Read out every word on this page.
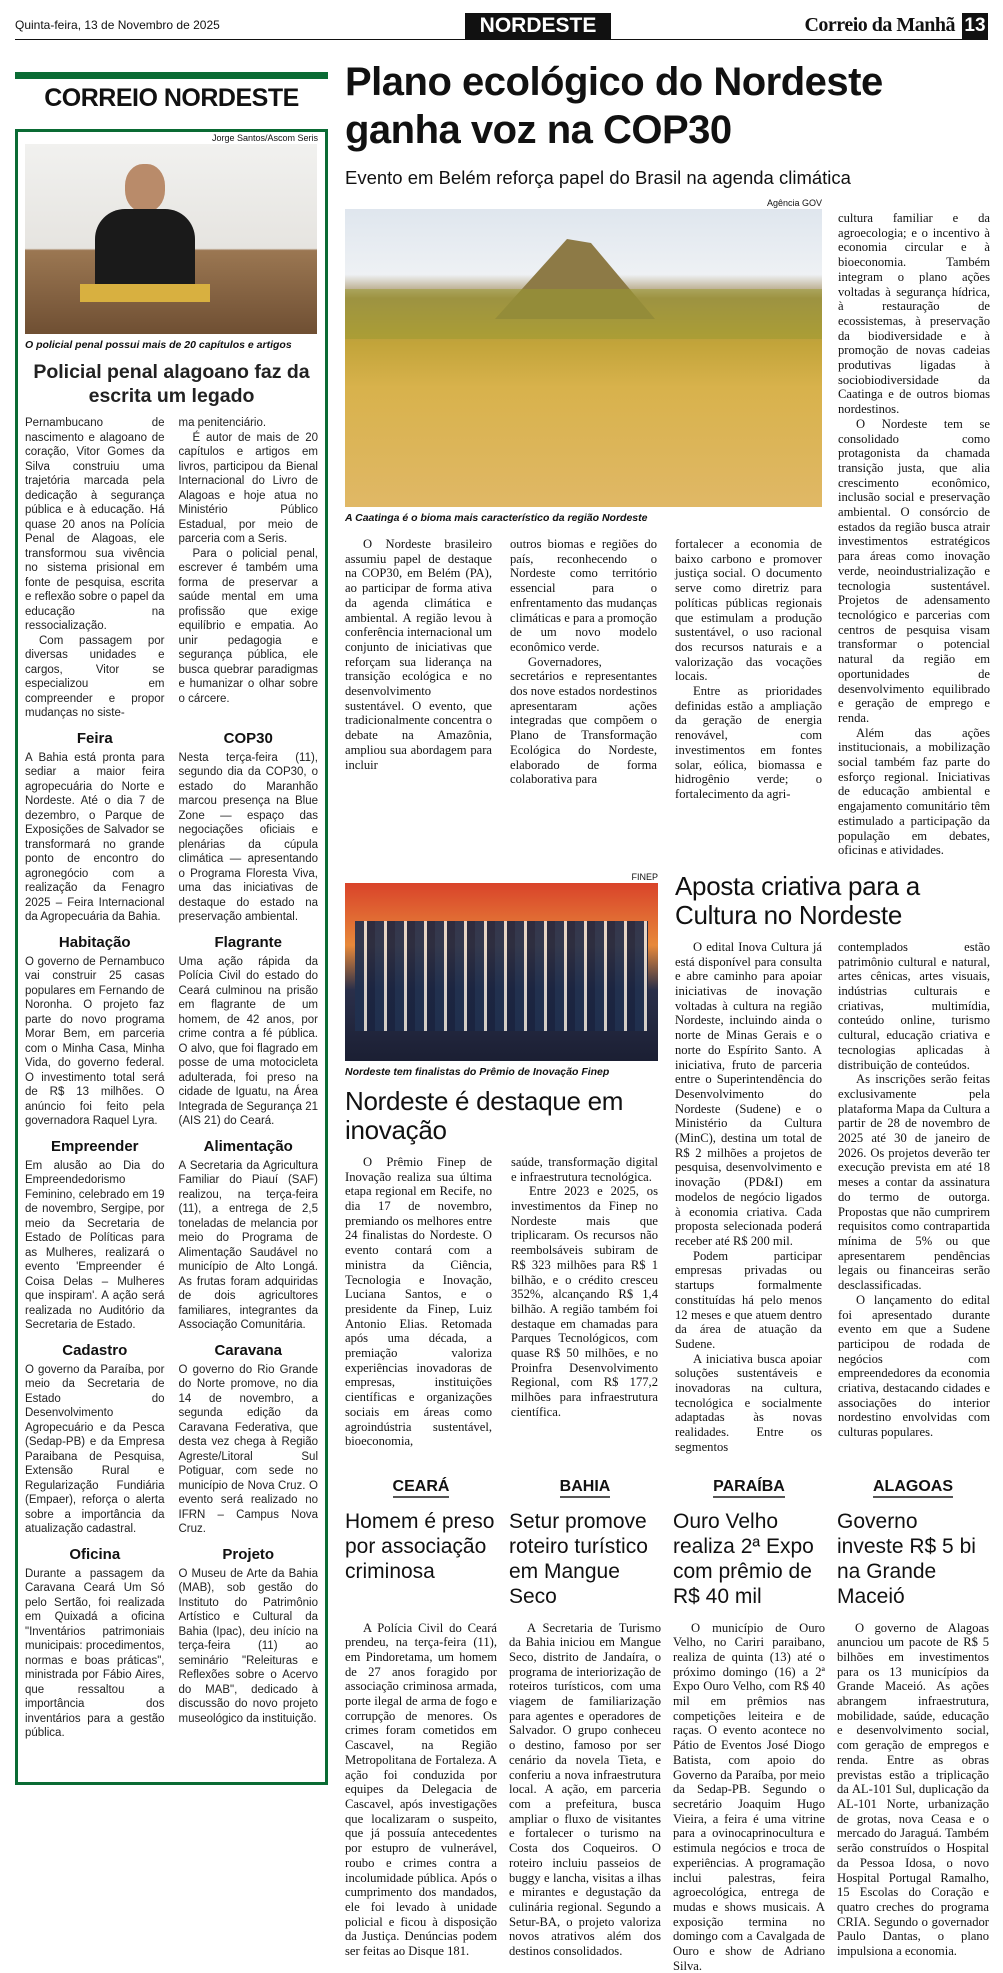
Quinta-feira, 13 de Novembro de 2025	NORDESTE	Correio da Manhã 13
CORREIO NORDESTE
Jorge Santos/Ascom Seris
O policial penal possui mais de 20 capítulos e artigos
Policial penal alagoano faz da escrita um legado

Pernambucano de nascimento e alagoano de coração, Vitor Gomes da Silva construiu uma trajetória marcada pela dedicação à segurança pública e à educação. Há quase 20 anos na Polícia Penal de Alagoas, ele transformou sua vivência no sistema prisional em fonte de pesquisa, escrita e reflexão sobre o papel da educação na ressocialização.

Com passagem por diversas unidades e cargos, Vitor se especializou em compreender e propor mudanças no siste-

ma penitenciário.

É autor de mais de 20 capítulos e artigos em livros, participou da Bienal Internacional do Livro de Alagoas e hoje atua no Ministério Público Estadual, por meio de parceria com a Seris.

Para o policial penal, escrever é também uma forma de preservar a saúde mental em uma profissão que exige equilíbrio e empatia. Ao unir pedagogia e segurança pública, ele busca quebrar paradigmas e humanizar o olhar sobre o cárcere.

Feira
A Bahia está pronta para sediar a maior feira agropecuária do Norte e Nordeste. Até o dia 7 de dezembro, o Parque de Exposições de Salvador se transformará no grande ponto de encontro do agronegócio com a realização da Fenagro 2025 – Feira Internacional da Agropecuária da Bahia.
COP30
Nesta terça-feira (11), segundo dia da COP30, o estado do Maranhão marcou presença na Blue Zone — espaço das negociações oficiais e plenárias da cúpula climática — apresentando o Programa Floresta Viva, uma das iniciativas de destaque do estado na preservação ambiental.
Habitação
O governo de Pernambuco vai construir 25 casas populares em Fernando de Noronha. O projeto faz parte do novo programa Morar Bem, em parceria com o Minha Casa, Minha Vida, do governo federal. O investimento total será de R$ 13 milhões. O anúncio foi feito pela governadora Raquel Lyra.
Flagrante
Uma ação rápida da Polícia Civil do estado do Ceará culminou na prisão em flagrante de um homem, de 42 anos, por crime contra a fé pública. O alvo, que foi flagrado em posse de uma motocicleta adulterada, foi preso na cidade de Iguatu, na Área Integrada de Segurança 21 (AIS 21) do Ceará.
Empreender
Em alusão ao Dia do Empreendedorismo Feminino, celebrado em 19 de novembro, Sergipe, por meio da Secretaria de Estado de Políticas para as Mulheres, realizará o evento 'Empreender é Coisa Delas – Mulheres que inspiram'. A ação será realizada no Auditório da Secretaria de Estado.
Alimentação
A Secretaria da Agricultura Familiar do Piauí (SAF) realizou, na terça-feira (11), a entrega de 2,5 toneladas de melancia por meio do Programa de Alimentação Saudável no município de Alto Longá. As frutas foram adquiridas de dois agricultores familiares, integrantes da Associação Comunitária.
Cadastro
O governo da Paraíba, por meio da Secretaria de Estado do Desenvolvimento Agropecuário e da Pesca (Sedap-PB) e da Empresa Paraibana de Pesquisa, Extensão Rural e Regularização Fundiária (Empaer), reforça o alerta sobre a importância da atualização cadastral.
Caravana
O governo do Rio Grande do Norte promove, no dia 14 de novembro, a segunda edição da Caravana Federativa, que desta vez chega à Região Agreste/Litoral Sul Potiguar, com sede no município de Nova Cruz. O evento será realizado no IFRN – Campus Nova Cruz.
Oficina
Durante a passagem da Caravana Ceará Um Só pelo Sertão, foi realizada em Quixadá a oficina "Inventários patrimoniais municipais: procedimentos, normas e boas práticas", ministrada por Fábio Aires, que ressaltou a importância dos inventários para a gestão pública.
Projeto
O Museu de Arte da Bahia (MAB), sob gestão do Instituto do Patrimônio Artístico e Cultural da Bahia (Ipac), deu início na terça-feira (11) ao seminário "Releituras e Reflexões sobre o Acervo do MAB", dedicado à discussão do novo projeto museológico da instituição.
Plano ecológico do Nordeste ganha voz na COP30
Evento em Belém reforça papel do Brasil na agenda climática
Agência GOV
A Caatinga é o bioma mais característico da região Nordeste

O Nordeste brasileiro assumiu papel de destaque na COP30, em Belém (PA), ao participar de forma ativa da agenda climática e ambiental. A região levou à conferência internacional um conjunto de iniciativas que reforçam sua liderança na transição ecológica e no desenvolvimento sustentável. O evento, que tradicionalmente concentra o debate na Amazônia, ampliou sua abordagem para incluir

outros biomas e regiões do país, reconhecendo o Nordeste como território essencial para o enfrentamento das mudanças climáticas e para a promoção de um novo modelo econômico verde.

Governadores, secretários e representantes dos nove estados nordestinos apresentaram ações integradas que compõem o Plano de Transformação Ecológica do Nordeste, elaborado de forma colaborativa para

fortalecer a economia de baixo carbono e promover justiça social. O documento serve como diretriz para políticas públicas regionais que estimulam a produção sustentável, o uso racional dos recursos naturais e a valorização das vocações locais.

Entre as prioridades definidas estão a ampliação da geração de energia renovável, com investimentos em fontes solar, eólica, biomassa e hidrogênio verde; o fortalecimento da agri-

cultura familiar e da agroecologia; e o incentivo à economia circular e à bioeconomia. Também integram o plano ações voltadas à segurança hídrica, à restauração de ecossistemas, à preservação da biodiversidade e à promoção de novas cadeias produtivas ligadas à sociobiodiversidade da Caatinga e de outros biomas nordestinos.

O Nordeste tem se consolidado como protagonista da chamada transição justa, que alia crescimento econômico, inclusão social e preservação ambiental. O consórcio de estados da região busca atrair investimentos estratégicos para áreas como inovação verde, neoindustrialização e tecnologia sustentável. Projetos de adensamento tecnológico e parcerias com centros de pesquisa visam transformar o potencial natural da região em oportunidades de desenvolvimento equilibrado e geração de emprego e renda.

Além das ações institucionais, a mobilização social também faz parte do esforço regional. Iniciativas de educação ambiental e engajamento comunitário têm estimulado a participação da população em debates, oficinas e atividades.

FINEP
Nordeste tem finalistas do Prêmio de Inovação Finep
Nordeste é destaque em inovação

O Prêmio Finep de Inovação realiza sua última etapa regional em Recife, no dia 17 de novembro, premiando os melhores entre 24 finalistas do Nordeste. O evento contará com a ministra da Ciência, Tecnologia e Inovação, Luciana Santos, e o presidente da Finep, Luiz Antonio Elias. Retomada após uma década, a premiação valoriza experiências inovadoras de empresas, instituições científicas e organizações sociais em áreas como agroindústria sustentável, bioeconomia,

saúde, transformação digital e infraestrutura tecnológica.

Entre 2023 e 2025, os investimentos da Finep no Nordeste mais que triplicaram. Os recursos não reembolsáveis subiram de R$ 323 milhões para R$ 1 bilhão, e o crédito cresceu 352%, alcançando R$ 1,4 bilhão. A região também foi destaque em chamadas para Parques Tecnológicos, com quase R$ 50 milhões, e no Proinfra Desenvolvimento Regional, com R$ 177,2 milhões para infraestrutura científica.

Aposta criativa para a Cultura no Nordeste

O edital Inova Cultura já está disponível para consulta e abre caminho para apoiar iniciativas de inovação voltadas à cultura na região Nordeste, incluindo ainda o norte de Minas Gerais e o norte do Espírito Santo. A iniciativa, fruto de parceria entre o Superintendência do Desenvolvimento do Nordeste (Sudene) e o Ministério da Cultura (MinC), destina um total de R$ 2 milhões a projetos de pesquisa, desenvolvimento e inovação (PD&I) em modelos de negócio ligados à economia criativa. Cada proposta selecionada poderá receber até R$ 200 mil.

Podem participar empresas privadas ou startups formalmente constituídas há pelo menos 12 meses e que atuem dentro da área de atuação da Sudene.

A iniciativa busca apoiar soluções sustentáveis e inovadoras na cultura, tecnológica e socialmente adaptadas às novas realidades. Entre os segmentos

contemplados estão patrimônio cultural e natural, artes cênicas, artes visuais, indústrias culturais e criativas, multimídia, conteúdo online, turismo cultural, educação criativa e tecnologias aplicadas à distribuição de conteúdos.

As inscrições serão feitas exclusivamente pela plataforma Mapa da Cultura a partir de 28 de novembro de 2025 até 30 de janeiro de 2026. Os projetos deverão ter execução prevista em até 18 meses a contar da assinatura do termo de outorga. Propostas que não cumprirem requisitos como contrapartida mínima de 5% ou que apresentarem pendências legais ou financeiras serão desclassificadas.

O lançamento do edital foi apresentado durante evento em que a Sudene participou de rodada de negócios com empreendedores da economia criativa, destacando cidades e associações do interior nordestino envolvidas com culturas populares.

CEARÁ
Homem é preso por associação criminosa

A Polícia Civil do Ceará prendeu, na terça-feira (11), em Pindoretama, um homem de 27 anos foragido por associação criminosa armada, porte ilegal de arma de fogo e corrupção de menores. Os crimes foram cometidos em Cascavel, na Região Metropolitana de Fortaleza. A ação foi conduzida por equipes da Delegacia de Cascavel, após investigações que localizaram o suspeito, que já possuía antecedentes por estupro de vulnerável, roubo e crimes contra a incolumidade pública. Após o cumprimento dos mandados, ele foi levado à unidade policial e ficou à disposição da Justiça. Denúncias podem ser feitas ao Disque 181.

BAHIA
Setur promove roteiro turístico em Mangue Seco

A Secretaria de Turismo da Bahia iniciou em Mangue Seco, distrito de Jandaíra, o programa de interiorização de roteiros turísticos, com uma viagem de familiarização para agentes e operadores de Salvador. O grupo conheceu o destino, famoso por ser cenário da novela Tieta, e conferiu a nova infraestrutura local. A ação, em parceria com a prefeitura, busca ampliar o fluxo de visitantes e fortalecer o turismo na Costa dos Coqueiros. O roteiro incluiu passeios de buggy e lancha, visitas a ilhas e mirantes e degustação da culinária regional. Segundo a Setur-BA, o projeto valoriza novos atrativos além dos destinos consolidados.

PARAÍBA
Ouro Velho realiza 2ª Expo com prêmio de R$ 40 mil

O município de Ouro Velho, no Cariri paraibano, realiza de quinta (13) até o próximo domingo (16) a 2ª Expo Ouro Velho, com R$ 40 mil em prêmios nas competições leiteira e de raças. O evento acontece no Pátio de Eventos José Diogo Batista, com apoio do Governo da Paraíba, por meio da Sedap-PB. Segundo o secretário Joaquim Hugo Vieira, a feira é uma vitrine para a ovinocaprinocultura e estimula negócios e troca de experiências. A programação inclui palestras, feira agroecológica, entrega de mudas e shows musicais. A exposição termina no domingo com a Cavalgada de Ouro e show de Adriano Silva.

ALAGOAS
Governo investe R$ 5 bi na Grande Maceió

O governo de Alagoas anunciou um pacote de R$ 5 bilhões em investimentos para os 13 municípios da Grande Maceió. As ações abrangem infraestrutura, mobilidade, saúde, educação e desenvolvimento social, com geração de empregos e renda. Entre as obras previstas estão a triplicação da AL-101 Sul, duplicação da AL-101 Norte, urbanização de grotas, nova Ceasa e o mercado do Jaraguá. Também serão construídos o Hospital da Pessoa Idosa, o novo Hospital Portugal Ramalho, 15 Escolas do Coração e quatro creches do programa CRIA. Segundo o governador Paulo Dantas, o plano impulsiona a economia.
